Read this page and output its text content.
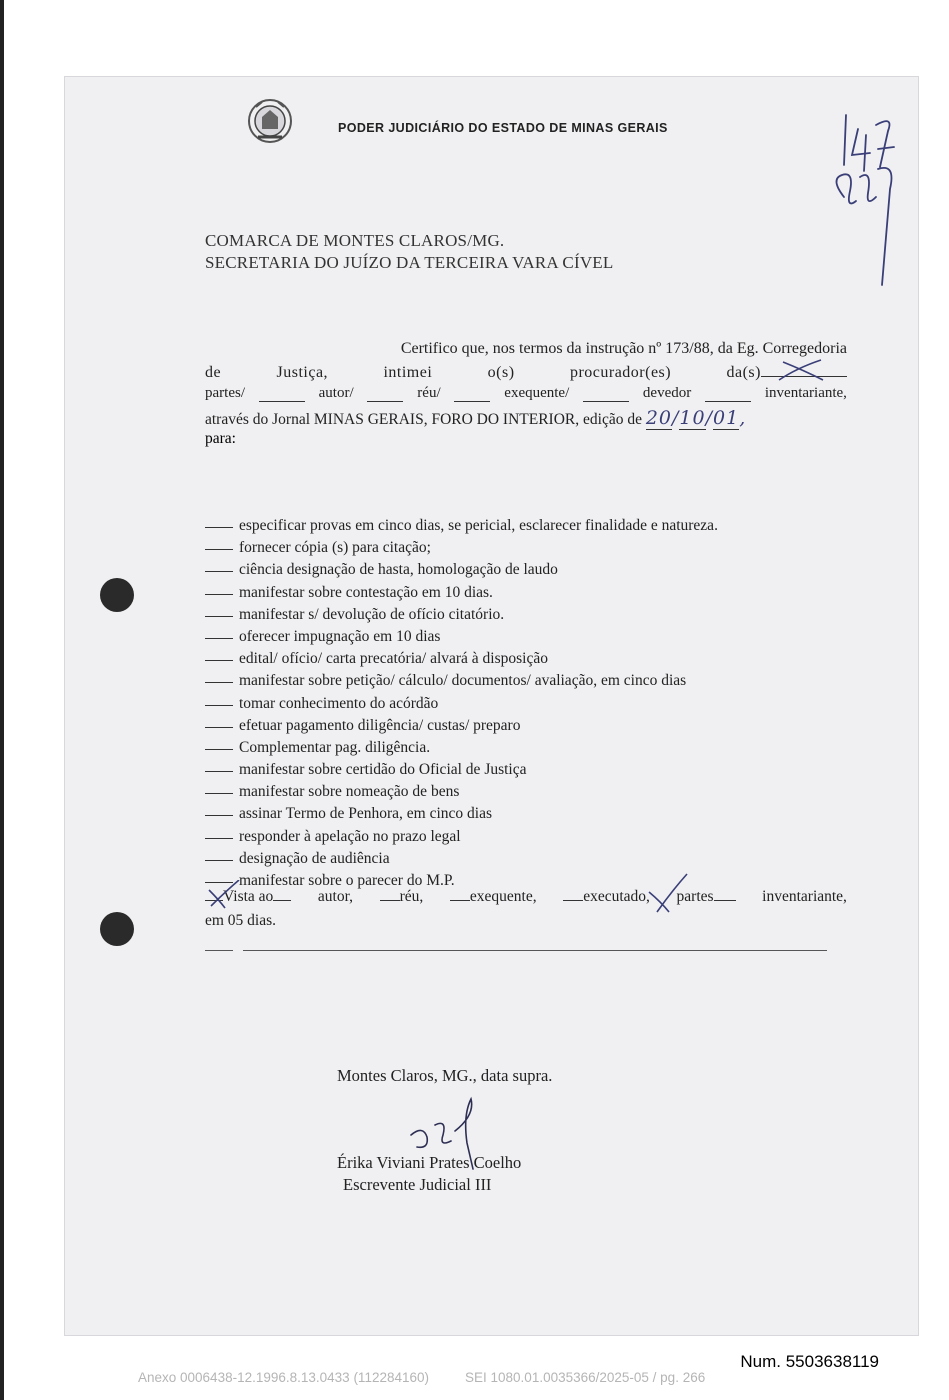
PODER JUDICIÁRIO DO ESTADO DE MINAS GERAIS
COMARCA DE MONTES CLAROS/MG.
SECRETARIA DO JUÍZO DA TERCEIRA VARA CÍVEL
Certifico que, nos termos da instrução nº 173/88, da Eg. Corregedoria
de	Justiça,	intimei	o(s)	procurador(es)	da(s)
partes/	autor/	réu/	exequente/	devedor	inventariante,
através do Jornal MINAS GERAIS, FORO DO INTERIOR, edição de 20/10/01,
para:
especificar provas em cinco dias, se pericial, esclarecer finalidade e natureza.
fornecer cópia (s) para citação;
ciência designação de hasta, homologação de laudo
manifestar sobre contestação em 10 dias.
manifestar s/ devolução de ofício citatório.
oferecer impugnação em 10 dias
edital/ ofício/ carta precatória/ alvará à disposição
manifestar sobre petição/ cálculo/ documentos/ avaliação, em cinco dias
tomar conhecimento do acórdão
efetuar pagamento diligência/ custas/ preparo
Complementar pag. diligência.
manifestar sobre certidão do Oficial de Justiça
manifestar sobre nomeação de bens
assinar Termo de Penhora, em cinco dias
responder à apelação no prazo legal
designação de audiência
manifestar sobre o parecer do M.P.
Vista ao	autor,	réu,	exequente,	executado, partes	inventariante,
em 05 dias.
Montes Claros, MG., data supra.
Érika Viviani Prates Coelho
Escrevente Judicial III
Num. 5503638119
Anexo 0006438-12.1996.8.13.0433 (112284160)	SEI 1080.01.0035366/2025-05 / pg. 266
